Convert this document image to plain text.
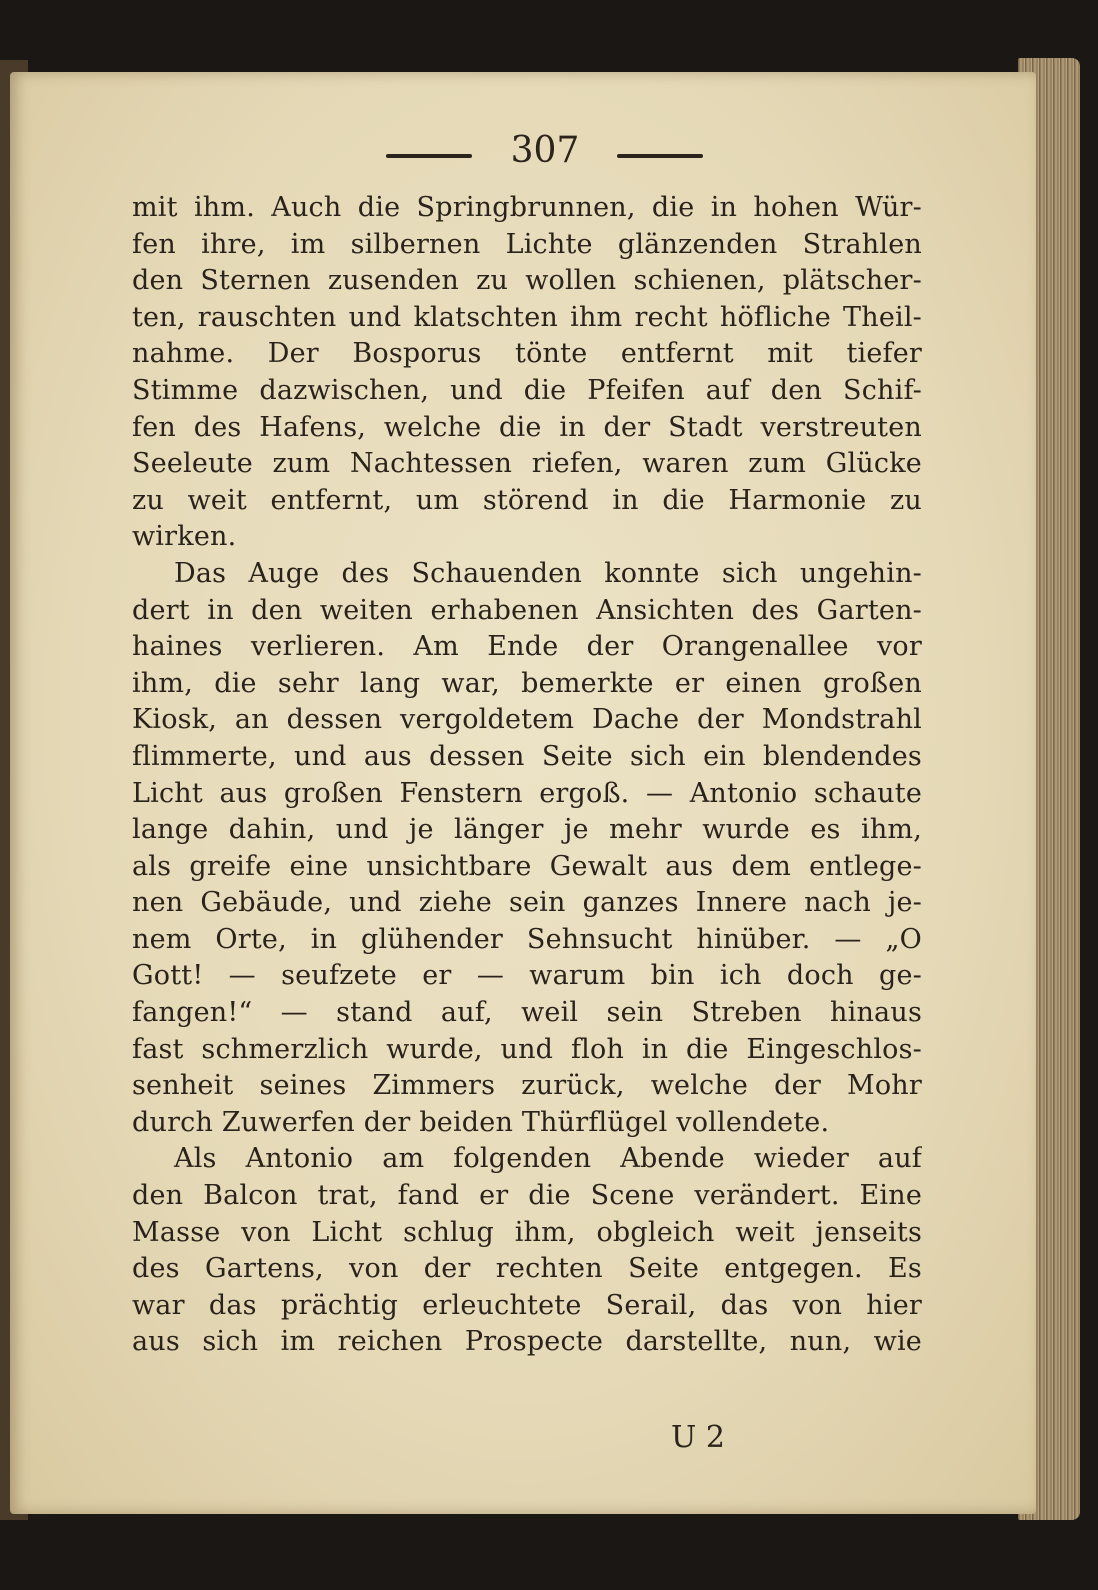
307
mit ihm. Auch die Springbrunnen, die in hohen Wür-
fen ihre, im silbernen Lichte glänzenden Strahlen
den Sternen zusenden zu wollen schienen, plätscher-
ten, rauschten und klatschten ihm recht höfliche Theil-
nahme. Der Bosporus tönte entfernt mit tiefer
Stimme dazwischen, und die Pfeifen auf den Schif-
fen des Hafens, welche die in der Stadt verstreuten
Seeleute zum Nachtessen riefen, waren zum Glücke
zu weit entfernt, um störend in die Harmonie zu
wirken.
Das Auge des Schauenden konnte sich ungehin-
dert in den weiten erhabenen Ansichten des Garten-
haines verlieren. Am Ende der Orangenallee vor
ihm, die sehr lang war, bemerkte er einen großen
Kiosk, an dessen vergoldetem Dache der Mondstrahl
flimmerte, und aus dessen Seite sich ein blendendes
Licht aus großen Fenstern ergoß. — Antonio schaute
lange dahin, und je länger je mehr wurde es ihm,
als greife eine unsichtbare Gewalt aus dem entlege-
nen Gebäude, und ziehe sein ganzes Innere nach je-
nem Orte, in glühender Sehnsucht hinüber. — „O
Gott! — seufzete er — warum bin ich doch ge-
fangen!“ — stand auf, weil sein Streben hinaus
fast schmerzlich wurde, und floh in die Eingeschlos-
senheit seines Zimmers zurück, welche der Mohr
durch Zuwerfen der beiden Thürflügel vollendete.
Als Antonio am folgenden Abende wieder auf
den Balcon trat, fand er die Scene verändert. Eine
Masse von Licht schlug ihm, obgleich weit jenseits
des Gartens, von der rechten Seite entgegen. Es
war das prächtig erleuchtete Serail, das von hier
aus sich im reichen Prospecte darstellte, nun, wie
U 2
